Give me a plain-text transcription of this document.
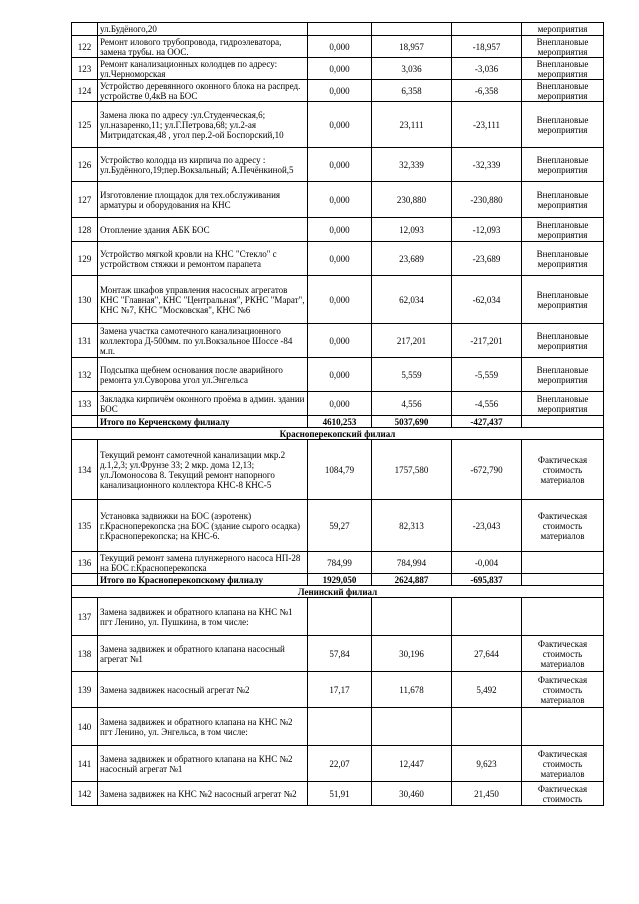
	ул.Будёного,20				мероприятия
122	Ремонт илового трубопровода, гидроэлеватора, замена трубы. на ООС.	0,000	18,957	-18,957	Внеплановые мероприятия
123	Ремонт канализационных колодцев по адресу: ул.Черноморская	0,000	3,036	-3,036	Внеплановые мероприятия
124	Устройство деревянного оконного блока на распред. устройстве 0,4кВ на БОС	0,000	6,358	-6,358	Внеплановые мероприятия
125	Замена люка по адресу :ул.Студенческая,6; ул.назаренко,11; ул.Г.Петрова,68; ул.2-ая Митридатская,48 , угол пер.2-ой Боспорский,10	0,000	23,111	-23,111	Внеплановые мероприятия
126	Устройство колодца из кирпича по адресу : ул.Будённого,19;пер.Вокзальный; А.Печёнкиной,5	0,000	32,339	-32,339	Внеплановые мероприятия
127	Изготовление площадок для тех.обслуживания арматуры и оборудования на КНС	0,000	230,880	-230,880	Внеплановые мероприятия
128	Отопление здания АБК БОС	0,000	12,093	-12,093	Внеплановые мероприятия
129	Устройство мягкой кровли на КНС "Стекло" с устройством стяжки и ремонтом парапета	0,000	23,689	-23,689	Внеплановые мероприятия
130	Монтаж шкафов управления насосных агрегатов КНС "Главная", КНС "Центральная", РКНС "Марат", КНС №7, КНС "Московская", КНС №6	0,000	62,034	-62,034	Внеплановые мероприятия
131	Замена участка самотечного канализационного коллектора Д-500мм. по ул.Вокзальное Шоссе -84 м.п.	0,000	217,201	-217,201	Внеплановые мероприятия
132	Подсыпка щебнем основания после аварийного ремонта ул.Суворова угол ул.Энгельса	0,000	5,559	-5,559	Внеплановые мероприятия
133	Закладка кирпичём оконного проёма в админ. здании БОС	0,000	4,556	-4,556	Внеплановые мероприятия
	Итого по Керченскому филиалу	4610,253	5037,690	-427,437	
Красноперекопский филиал					
134	Текущий ремонт самотечной канализации мкр.2 д.1,2,3; ул.Фрунзе 33; 2 мкр. дома 12,13; ул.Ломоносова 8. Текущий ремонт напорного канализационного коллектора КНС-8 КНС-5	1084,79	1757,580	-672,790	Фактическая стоимость материалов
135	Установка задвижки на БОС (аэротенк) г.Красноперекопска ;на БОС (здание сырого осадка) г.Красноперекопска; на КНС-6.	59,27	82,313	-23,043	Фактическая стоимость материалов
136	Текущий ремонт замена плунжерного насоса НП-28 на БОС г.Красноперекопска	784,99	784,994	-0,004	
	Итого по Красноперекопскому филиалу	1929,050	2624,887	-695,837	
Ленинский филиал					
137	Замена задвижек и обратного клапана на КНС №1 пгт Ленино, ул. Пушкина, в том числе:				
138	Замена задвижек и обратного клапана насосный агрегат №1	57,84	30,196	27,644	Фактическая стоимость материалов
139	Замена задвижек насосный агрегат №2	17,17	11,678	5,492	Фактическая стоимость материалов
140	Замена задвижек и обратного клапана на КНС №2 пгт Ленино, ул. Энгельса, в том числе:				
141	Замена задвижек и обратного клапана на КНС №2 насосный агрегат №1	22,07	12,447	9,623	Фактическая стоимость материалов
142	Замена задвижек на КНС №2 насосный агрегат №2	51,91	30,460	21,450	Фактическая стоимость
